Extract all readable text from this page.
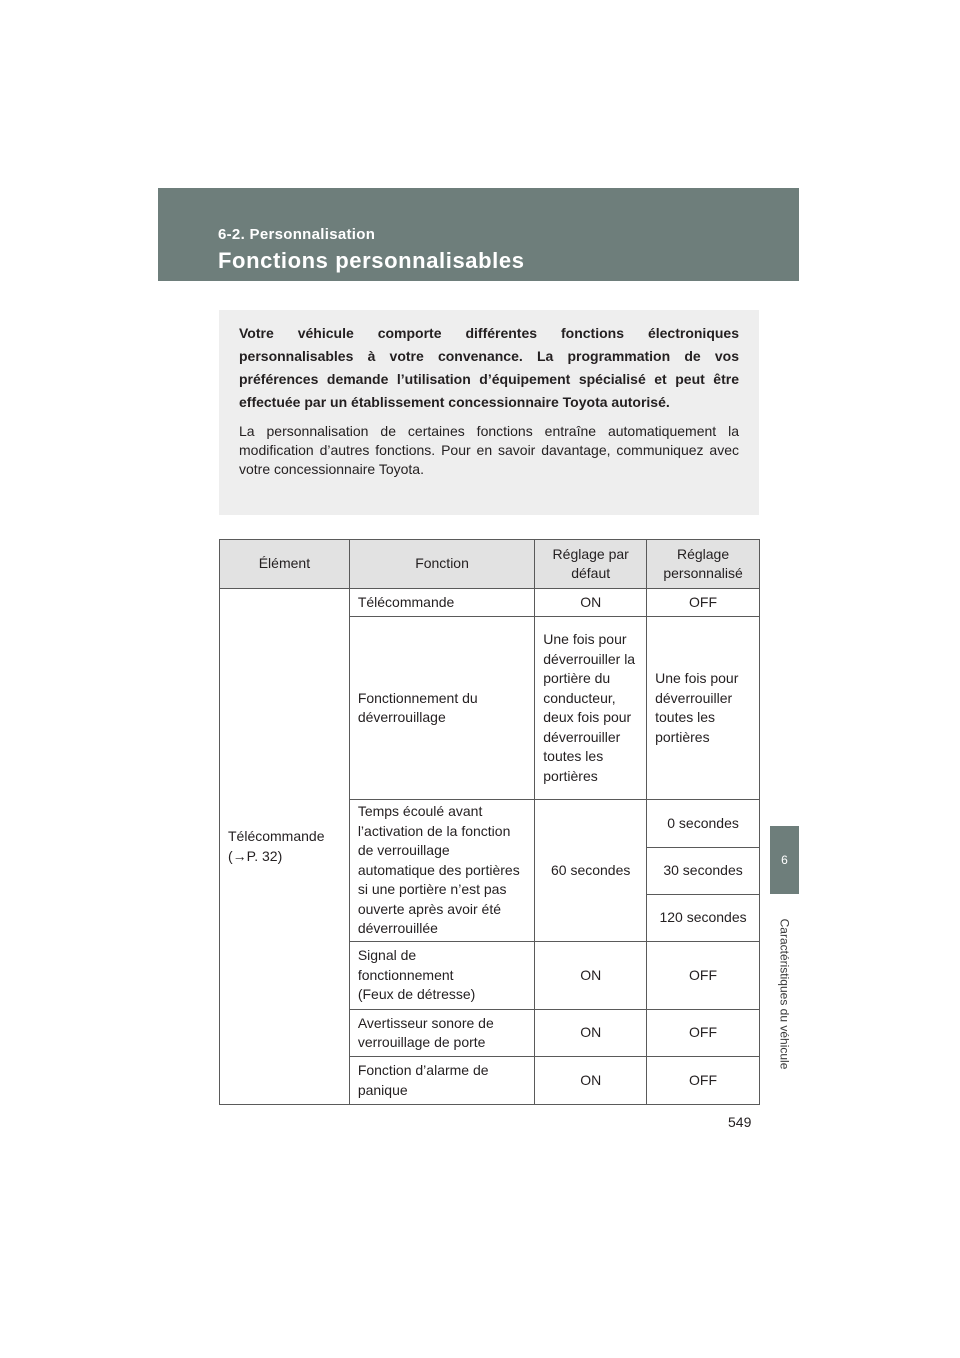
6-2. Personnalisation
Fonctions personnalisables
6
Caractéristiques du véhicule

Votre véhicule comporte différentes fonctions électroniques personnalisables à votre convenance. La programmation de vos préférences demande l’utilisation d’équipement spécialisé et peut être effectuée par un établissement concessionnaire Toyota autorisé.

La personnalisation de certaines fonctions entraîne automatiquement la modification d’autres fonctions. Pour en savoir davantage, communiquez avec votre concessionnaire Toyota.

Élément	Fonction	Réglage par défaut	Réglage personnalisé

Télécommande
(→P. 32)	Télécommande	ON	OFF
	Fonctionnement du déverrouillage	Une fois pour déverrouiller la portière du conducteur, deux fois pour déverrouiller toutes les portières	Une fois pour déverrouiller toutes les portières
	Temps écoulé avant l’activation de la fonction de verrouillage automatique des portières si une portière n’est pas ouverte après avoir été déverrouillée	60 secondes	0 secondes
			30 secondes
			120 secondes

	Signal de
fonctionnement
(Feux de détresse)	ON	OFF
	Avertisseur sonore de verrouillage de porte	ON	OFF
	Fonction d’alarme de panique	ON	OFF
549
